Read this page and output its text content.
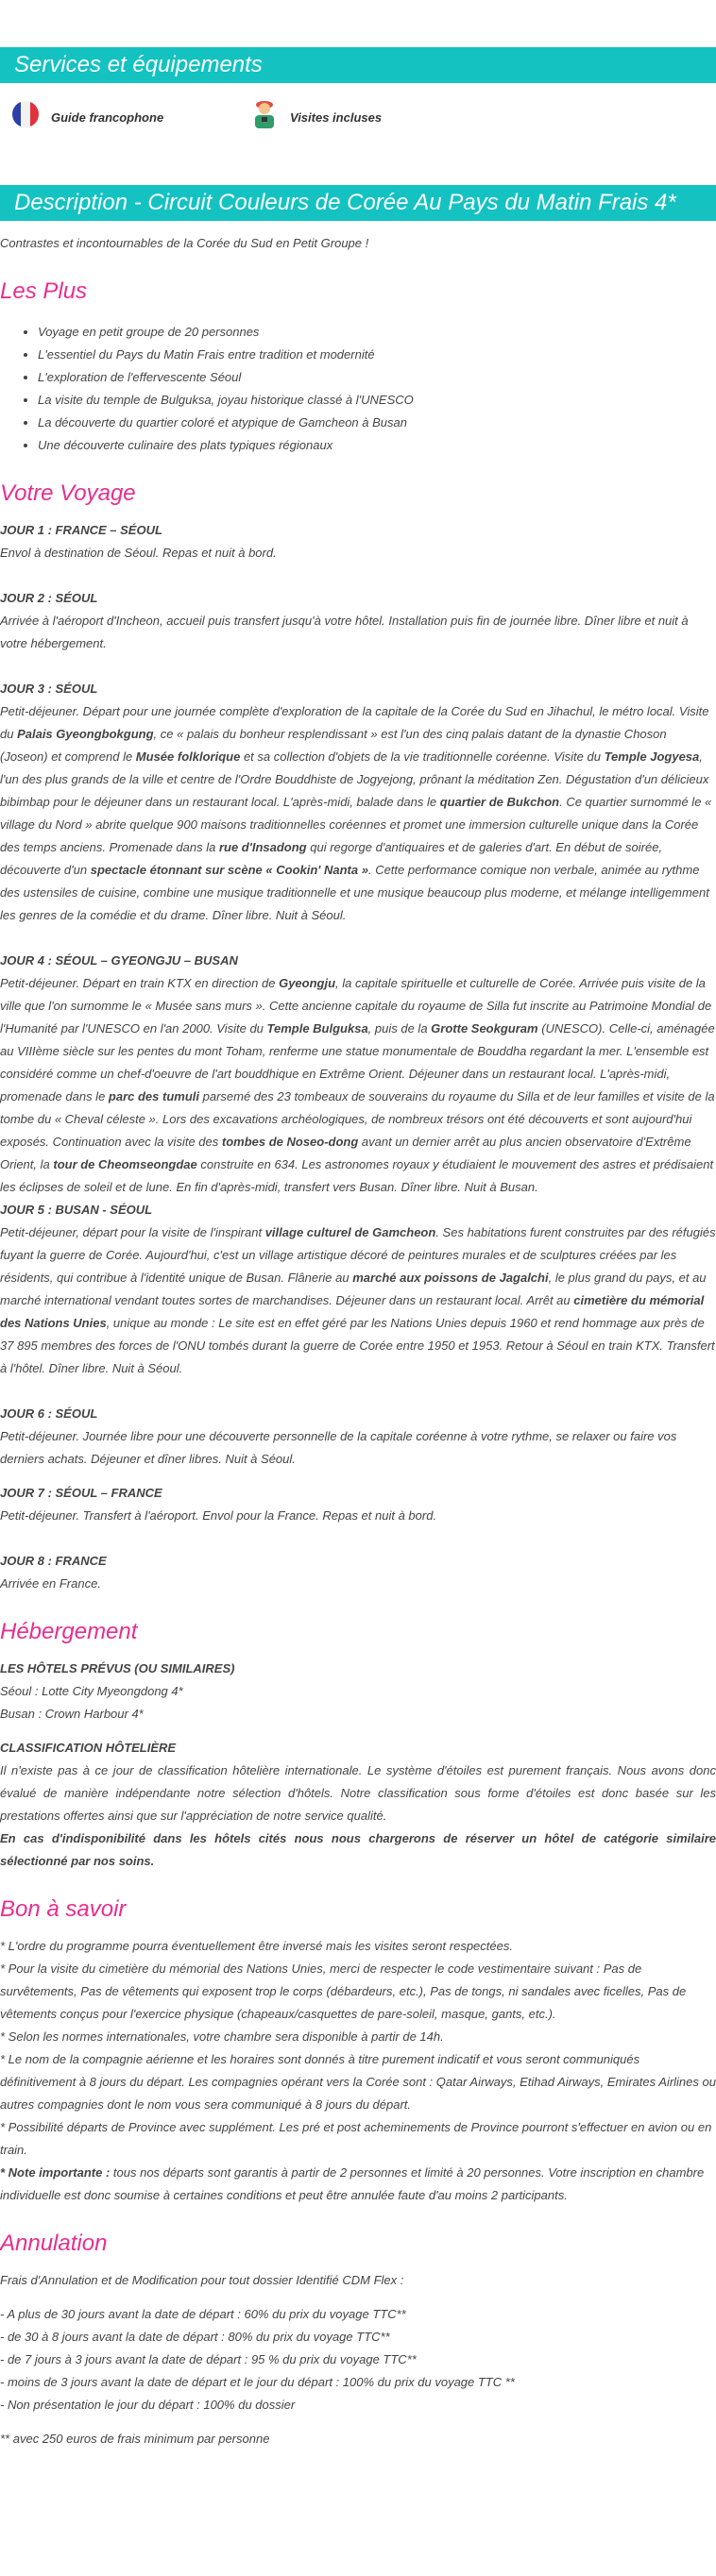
Services et équipements
Guide francophone	Visites incluses
Description - Circuit Couleurs de Corée Au Pays du Matin Frais 4*

Contrastes et incontournables de la Corée du Sud en Petit Groupe !

Les Plus
• Voyage en petit groupe de 20 personnes
• L'essentiel du Pays du Matin Frais entre tradition et modernité
• L'exploration de l'effervescente Séoul
• La visite du temple de Bulguksa, joyau historique classé à l'UNESCO
• La découverte du quartier coloré et atypique de Gamcheon à Busan
• Une découverte culinaire des plats typiques régionaux
Votre Voyage

JOUR 1 : FRANCE – SÉOUL

Envol à destination de Séoul. Repas et nuit à bord.

JOUR 2 : SÉOUL

Arrivée à l'aéroport d'Incheon, accueil puis transfert jusqu'à votre hôtel. Installation puis fin de journée libre. Dîner libre et nuit à votre hébergement.

JOUR 3 : SÉOUL

Petit-déjeuner. Départ pour une journée complète d'exploration de la capitale de la Corée du Sud en Jihachul, le métro local. Visite du Palais Gyeongbokgung, ce « palais du bonheur resplendissant » est l'un des cinq palais datant de la dynastie Choson (Joseon) et comprend le Musée folklorique et sa collection d'objets de la vie traditionnelle coréenne. Visite du Temple Jogyesa, l'un des plus grands de la ville et centre de l'Ordre Bouddhiste de Jogyejong, prônant la méditation Zen. Dégustation d'un délicieux bibimbap pour le déjeuner dans un restaurant local. L'après-midi, balade dans le quartier de Bukchon. Ce quartier surnommé le « village du Nord » abrite quelque 900 maisons traditionnelles coréennes et promet une immersion culturelle unique dans la Corée des temps anciens. Promenade dans la rue d'Insadong qui regorge d'antiquaires et de galeries d'art. En début de soirée, découverte d'un spectacle étonnant sur scène « Cookin' Nanta ». Cette performance comique non verbale, animée au rythme des ustensiles de cuisine, combine une musique traditionnelle et une musique beaucoup plus moderne, et mélange intelligemment les genres de la comédie et du drame. Dîner libre. Nuit à Séoul.

JOUR 4 : SÉOUL – GYEONGJU – BUSAN

Petit-déjeuner. Départ en train KTX en direction de Gyeongju, la capitale spirituelle et culturelle de Corée. Arrivée puis visite de la ville que l'on surnomme le « Musée sans murs ». Cette ancienne capitale du royaume de Silla fut inscrite au Patrimoine Mondial de l'Humanité par l'UNESCO en l'an 2000. Visite du Temple Bulguksa, puis de la Grotte Seokguram (UNESCO). Celle-ci, aménagée au VIIIème siècle sur les pentes du mont Toham, renferme une statue monumentale de Bouddha regardant la mer. L'ensemble est considéré comme un chef-d'oeuvre de l'art bouddhique en Extrême Orient. Déjeuner dans un restaurant local. L'après-midi, promenade dans le parc des tumuli parsemé des 23 tombeaux de souverains du royaume du Silla et de leur familles et visite de la tombe du « Cheval céleste ». Lors des excavations archéologiques, de nombreux trésors ont été découverts et sont aujourd'hui exposés. Continuation avec la visite des tombes de Noseo-dong avant un dernier arrêt au plus ancien observatoire d'Extrême Orient, la tour de Cheomseongdae construite en 634. Les astronomes royaux y étudiaient le mouvement des astres et prédisaient les éclipses de soleil et de lune. En fin d'après-midi, transfert vers Busan. Dîner libre. Nuit à Busan.

JOUR 5 : BUSAN - SÉOUL

Petit-déjeuner, départ pour la visite de l'inspirant village culturel de Gamcheon. Ses habitations furent construites par des réfugiés fuyant la guerre de Corée. Aujourd'hui, c'est un village artistique décoré de peintures murales et de sculptures créées par les résidents, qui contribue à l'identité unique de Busan. Flânerie au marché aux poissons de Jagalchi, le plus grand du pays, et au marché international vendant toutes sortes de marchandises. Déjeuner dans un restaurant local. Arrêt au cimetière du mémorial des Nations Unies, unique au monde : Le site est en effet géré par les Nations Unies depuis 1960 et rend hommage aux près de 37 895 membres des forces de l'ONU tombés durant la guerre de Corée entre 1950 et 1953. Retour à Séoul en train KTX. Transfert à l'hôtel. Dîner libre. Nuit à Séoul.

JOUR 6 : SÉOUL

Petit-déjeuner. Journée libre pour une découverte personnelle de la capitale coréenne à votre rythme, se relaxer ou faire vos derniers achats. Déjeuner et dîner libres. Nuit à Séoul.

JOUR 7 : SÉOUL – FRANCE

Petit-déjeuner. Transfert à l'aéroport. Envol pour la France. Repas et nuit à bord.

JOUR 8 : FRANCE

Arrivée en France.

Hébergement

LES HÔTELS PRÉVUS (OU SIMILAIRES)

Séoul : Lotte City Myeongdong 4*

Busan : Crown Harbour 4*

CLASSIFICATION HÔTELIÈRE

Il n'existe pas à ce jour de classification hôtelière internationale. Le système d'étoiles est purement français. Nous avons donc évalué de manière indépendante notre sélection d'hôtels. Notre classification sous forme d'étoiles est donc basée sur les prestations offertes ainsi que sur l'appréciation de notre service qualité.

En cas d'indisponibilité dans les hôtels cités nous nous chargerons de réserver un hôtel de catégorie similaire sélectionné par nos soins.

Bon à savoir

* L'ordre du programme pourra éventuellement être inversé mais les visites seront respectées.

* Pour la visite du cimetière du mémorial des Nations Unies, merci de respecter le code vestimentaire suivant : Pas de survêtements, Pas de vêtements qui exposent trop le corps (débardeurs, etc.), Pas de tongs, ni sandales avec ficelles, Pas de vêtements conçus pour l'exercice physique (chapeaux/casquettes de pare-soleil, masque, gants, etc.).

* Selon les normes internationales, votre chambre sera disponible à partir de 14h.

* Le nom de la compagnie aérienne et les horaires sont donnés à titre purement indicatif et vous seront communiqués définitivement à 8 jours du départ. Les compagnies opérant vers la Corée sont : Qatar Airways, Etihad Airways, Emirates Airlines ou autres compagnies dont le nom vous sera communiqué à 8 jours du départ.

* Possibilité départs de Province avec supplément. Les pré et post acheminements de Province pourront s'effectuer en avion ou en train.

* Note importante : tous nos départs sont garantis à partir de 2 personnes et limité à 20 personnes. Votre inscription en chambre individuelle est donc soumise à certaines conditions et peut être annulée faute d'au moins 2 participants.

Annulation

Frais d'Annulation et de Modification pour tout dossier Identifié CDM Flex :

- A plus de 30 jours avant la date de départ : 60% du prix du voyage TTC**

- de 30 à 8 jours avant la date de départ : 80% du prix du voyage TTC**

- de 7 jours à 3 jours avant la date de départ : 95 % du prix du voyage TTC**

- moins de 3 jours avant la date de départ et le jour du départ : 100% du prix du voyage TTC **

- Non présentation le jour du départ : 100% du dossier

** avec 250 euros de frais minimum par personne
